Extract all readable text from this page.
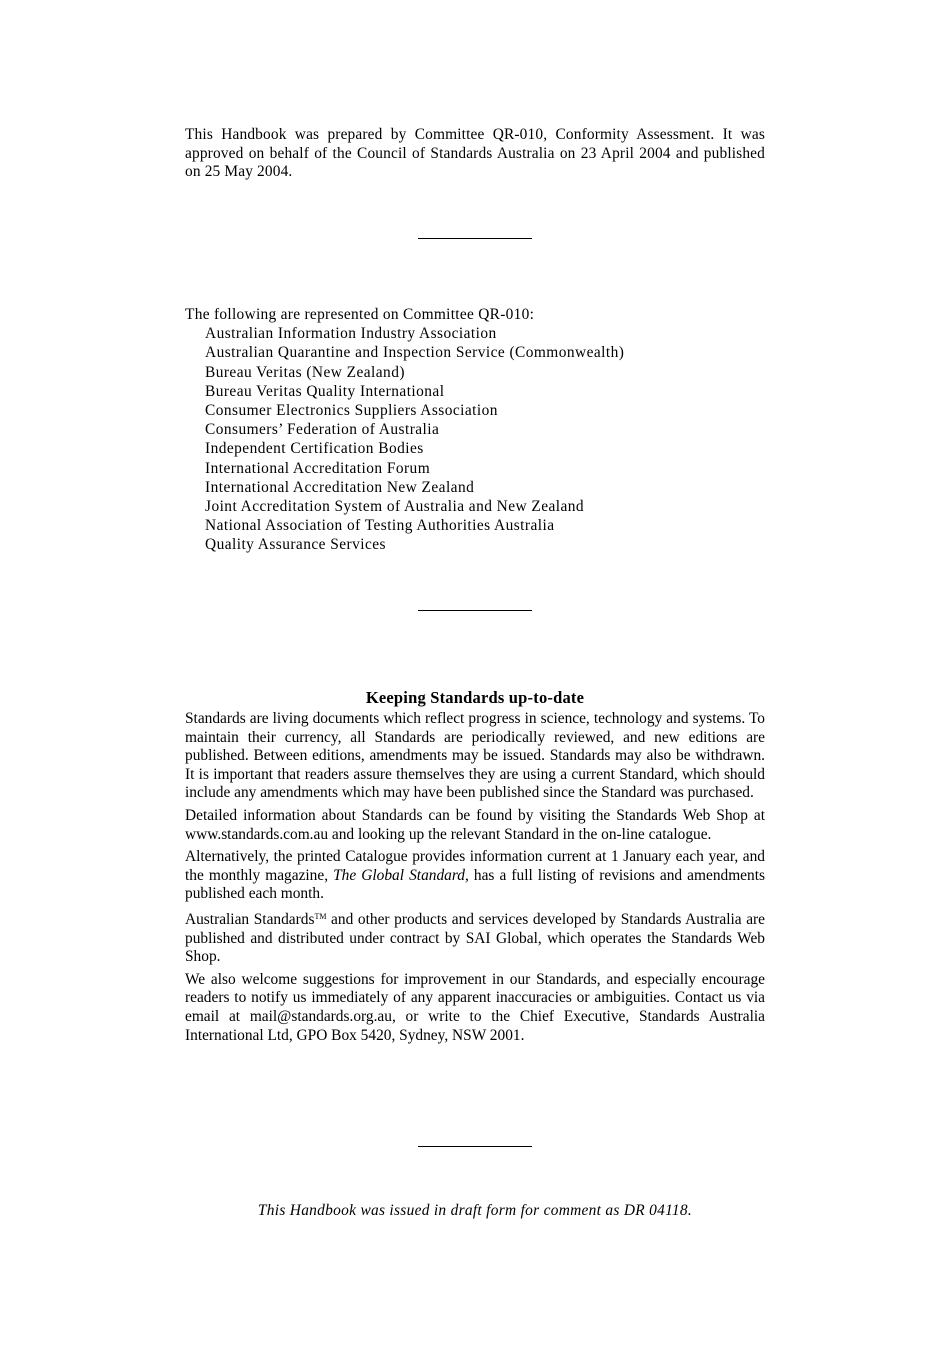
This Handbook was prepared by Committee QR-010, Conformity Assessment. It was approved on behalf of the Council of Standards Australia on 23 April 2004 and published on 25 May 2004.
The following are represented on Committee QR-010:
Australian Information Industry Association
Australian Quarantine and Inspection Service (Commonwealth)
Bureau Veritas (New Zealand)
Bureau Veritas Quality International
Consumer Electronics Suppliers Association
Consumers’ Federation of Australia
Independent Certification Bodies
International Accreditation Forum
International Accreditation New Zealand
Joint Accreditation System of Australia and New Zealand
National Association of Testing Authorities Australia
Quality Assurance Services
Keeping Standards up-to-date

Standards are living documents which reflect progress in science, technology and systems. To maintain their currency, all Standards are periodically reviewed, and new editions are published. Between editions, amendments may be issued. Standards may also be withdrawn. It is important that readers assure themselves they are using a current Standard, which should include any amendments which may have been published since the Standard was purchased.

Detailed information about Standards can be found by visiting the Standards Web Shop at www.standards.com.au and looking up the relevant Standard in the on-line catalogue.

Alternatively, the printed Catalogue provides information current at 1 January each year, and the monthly magazine, The Global Standard, has a full listing of revisions and amendments published each month.

Australian Standards™ and other products and services developed by Standards Australia are published and distributed under contract by SAI Global, which operates the Standards Web Shop.

We also welcome suggestions for improvement in our Standards, and especially encourage readers to notify us immediately of any apparent inaccuracies or ambiguities. Contact us via email at mail@standards.org.au, or write to the Chief Executive, Standards Australia International Ltd, GPO Box 5420, Sydney, NSW 2001.

This Handbook was issued in draft form for comment as DR 04118.
